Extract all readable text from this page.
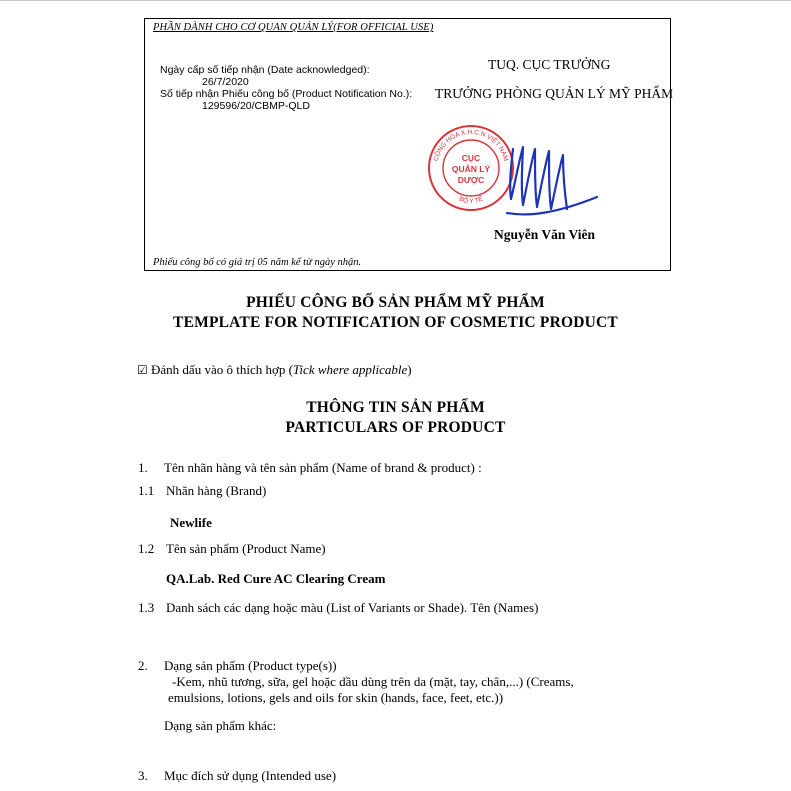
PHẦN DÀNH CHO CƠ QUAN QUẢN LÝ(FOR OFFICIAL USE)
Ngày cấp số tiếp nhận (Date acknowledged):
26/7/2020
Số tiếp nhận Phiếu công bố (Product Notification No.):
129596/20/CBMP-QLD
TUQ. CỤC TRƯỞNG
TRƯỞNG PHÒNG QUẢN LÝ MỸ PHẨM
CỘNG HÒA X.H.C.N VIỆT NAM
BỘ Y TẾ
CỤC
QUẢN LÝ
DƯỢC
Nguyễn Văn Viên
Phiếu công bố có giá trị 05 năm kể từ ngày nhận.
PHIẾU CÔNG BỐ SẢN PHẨM MỸ PHẨM
TEMPLATE FOR NOTIFICATION OF COSMETIC PRODUCT
☑ Đánh dấu vào ô thích hợp (Tick where applicable)
THÔNG TIN SẢN PHẨM
PARTICULARS OF PRODUCT
1. Tên nhãn hàng và tên sản phẩm (Name of brand & product) :
1.1 Nhãn hàng (Brand)
Newlife
1.2 Tên sản phẩm (Product Name)
QA.Lab. Red Cure AC Clearing Cream
1.3 Danh sách các dạng hoặc màu (List of Variants or Shade). Tên (Names)
2. Dạng sản phẩm (Product type(s))
-Kem, nhũ tương, sữa, gel hoặc dầu dùng trên da (mặt, tay, chân,...) (Creams,
emulsions, lotions, gels and oils for skin (hands, face, feet, etc.))
Dạng sản phẩm khác:
3. Mục đích sử dụng (Intended use)
